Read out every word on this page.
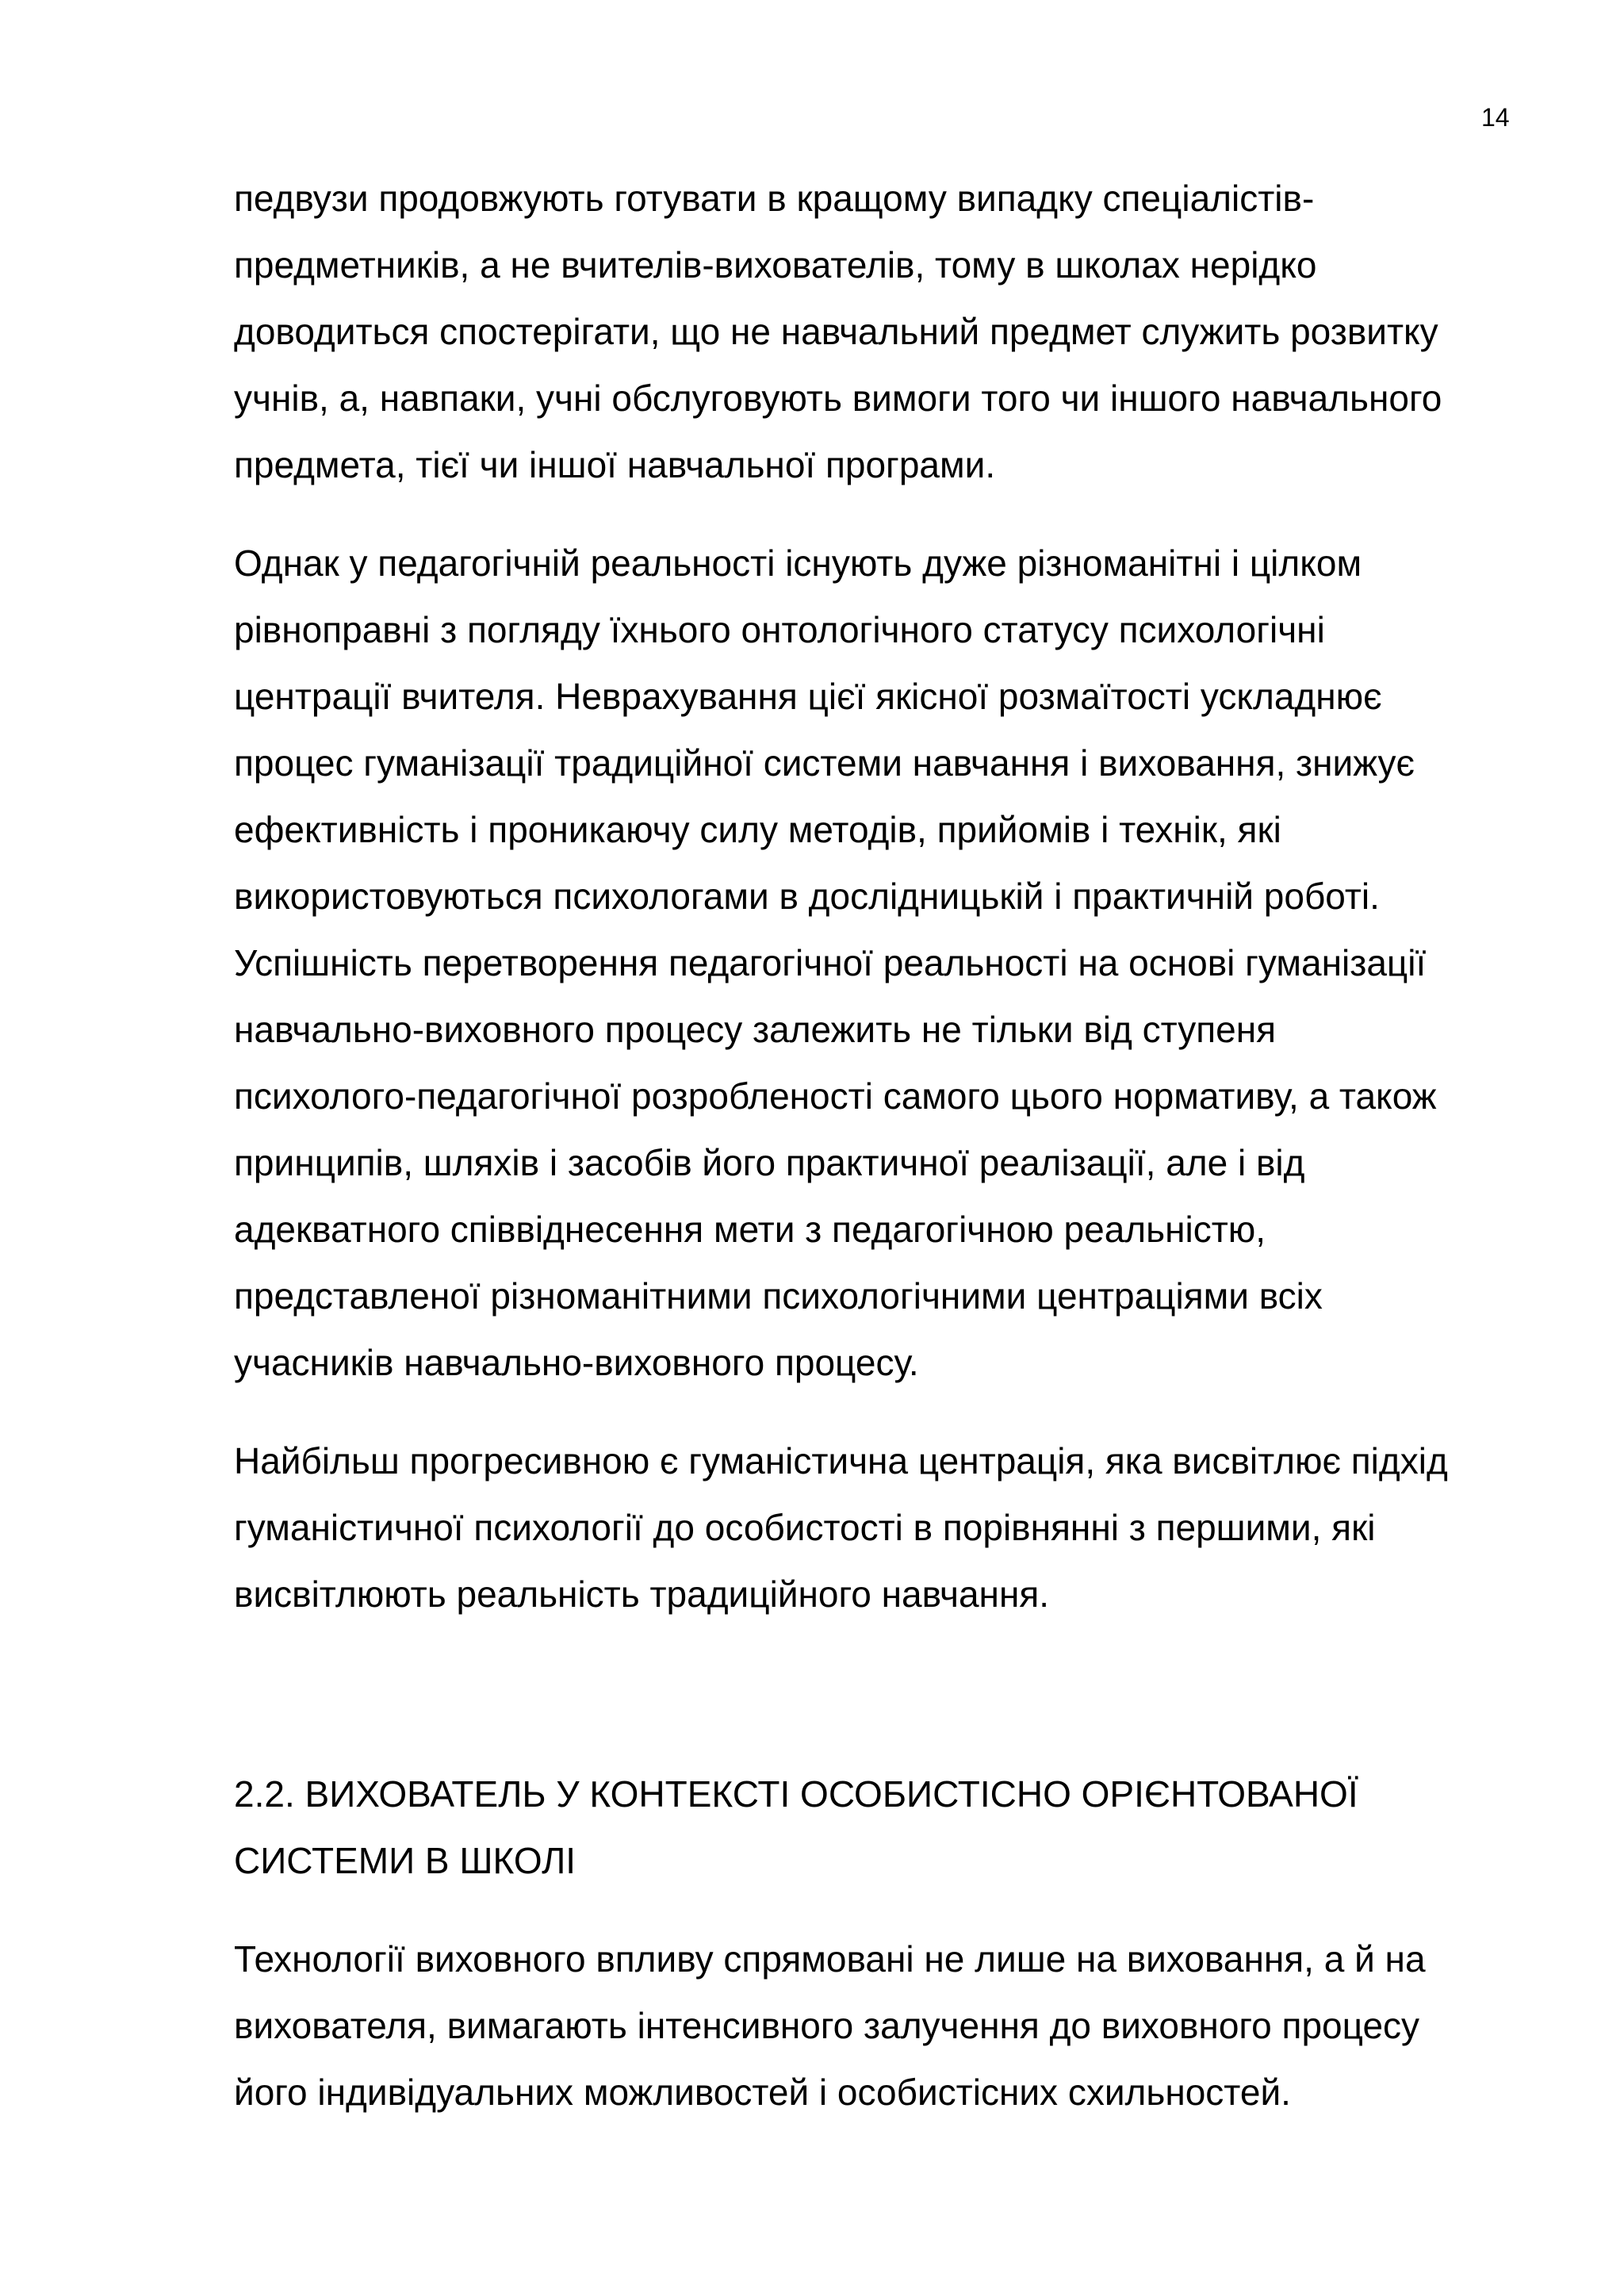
14
педвузи продовжують готувати в кращому випадку спеціалістів-
предметників, а не вчителів-вихователів, тому в школах нерідко
доводиться спостерігати, що не навчальний предмет служить розвитку
учнів, а, навпаки, учні обслуговують вимоги того чи іншого навчального
предмета, тієї чи іншої навчальної програми.
Однак у педагогічній реальності існують дуже різноманітні і цілком
рівноправні з погляду їхнього онтологічного статусу психологічні
центрації вчителя. Неврахування цієї якісної розмаїтості ускладнює
процес гуманізації традиційної системи навчання і виховання, знижує
ефективність і проникаючу силу методів, прийомів і технік, які
використовуються психологами в дослідницькій і практичній роботі.
Успішність перетворення педагогічної реальності на основі гуманізації
навчально-виховного процесу залежить не тільки від ступеня
психолого-педагогічної розробленості самого цього нормативу, а також
принципів, шляхів і засобів його практичної реалізації, але і від
адекватного співвіднесення мети з педагогічною реальністю,
представленої різноманітними психологічними центраціями всіх
учасників навчально-виховного процесу.
Найбільш прогресивною є гуманістична центрація, яка висвітлює підхід
гуманістичної психології до особистості в порівнянні з першими, які
висвітлюють реальність традиційного навчання.
2.2. ВИХОВАТЕЛЬ У КОНТЕКСТІ ОСОБИСТІСНО ОРІЄНТОВАНОЇ
СИСТЕМИ В ШКОЛІ
Технології виховного впливу спрямовані не лише на виховання, а й на
вихователя, вимагають інтенсивного залучення до виховного процесу
його індивідуальних можливостей і особистісних схильностей.
